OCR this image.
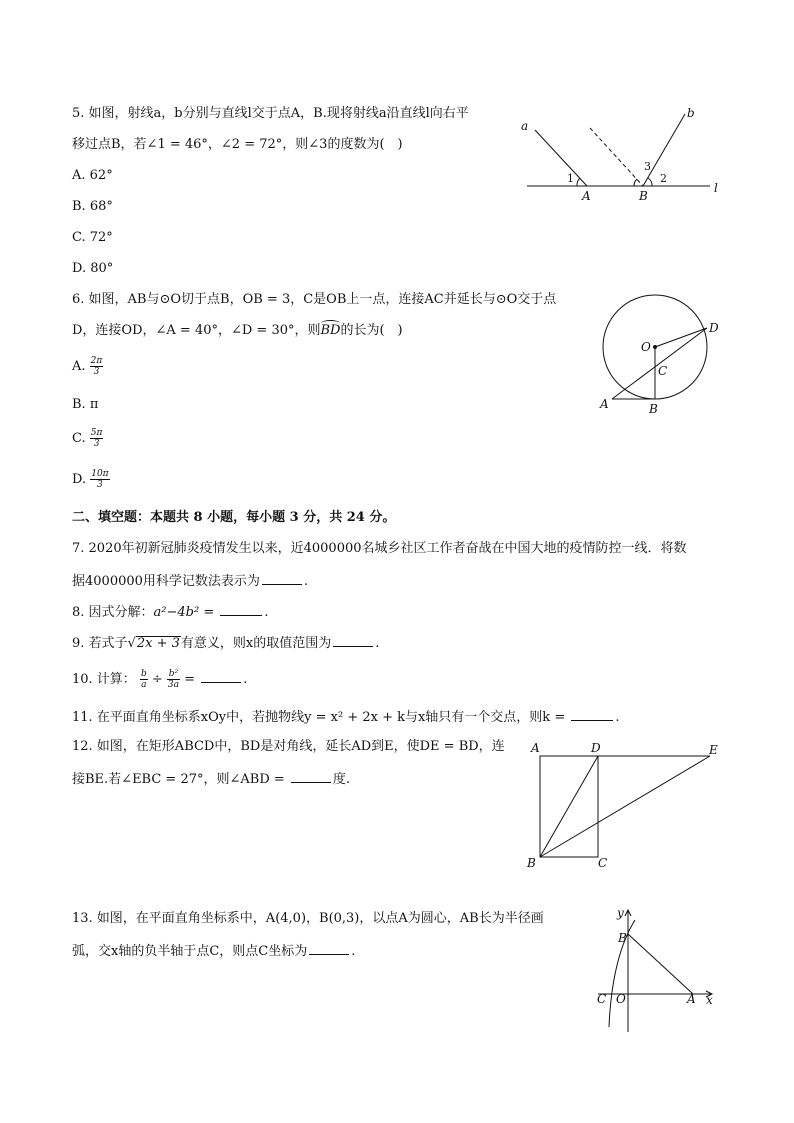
5. 如图，射线a，b分别与直线l交于点A，B.现将射线a沿直线l向右平
移过点B，若∠1 = 46°，∠2 = 72°，则∠3的度数为(　)
A. 62°
B. 68°
C. 72°
D. 80°
a
b
l
A	B
1	2
3
6. 如图，AB与⊙O切于点B，OB = 3，C是OB上一点，连接AC并延长与⊙O交于点
D，连接OD，∠A = 40°，∠D = 30°，则BD的长为(　)
A. $\frac{2\pi}{3}$
B. π
C. $\frac{5\pi}{3}$
D. $\frac{10\pi}{3}$
O
D
C
A	B
二、填空题：本题共 8 小题，每小题 3 分，共 24 分。
7. 2020年初新冠肺炎疫情发生以来，近4000000名城乡社区工作者奋战在中国大地的疫情防控一线．将数
据4000000用科学记数法表示为	.
8. 因式分解：a²−4b² =	.
9. 若式子√2x + 3有意义，则x的取值范围为	.
10. 计算： $\frac{b}{a} \div \frac{\text{b²}}{3a}$ =	.
11. 在平面直角坐标系xOy中，若抛物线y = x² + 2x + k与x轴只有一个交点，则k =	.
12. 如图，在矩形ABCD中，BD是对角线，延长AD到E，使DE = BD，连
接BE.若∠EBC = 27°，则∠ABD =	度.
A	D	E
B	C
13. 如图，在平面直角坐标系中，A(4,0)，B(0,3)，以点A为圆心，AB长为半径画
弧，交x轴的负半轴于点C，则点C坐标为	.
y
x
B
C O	A
